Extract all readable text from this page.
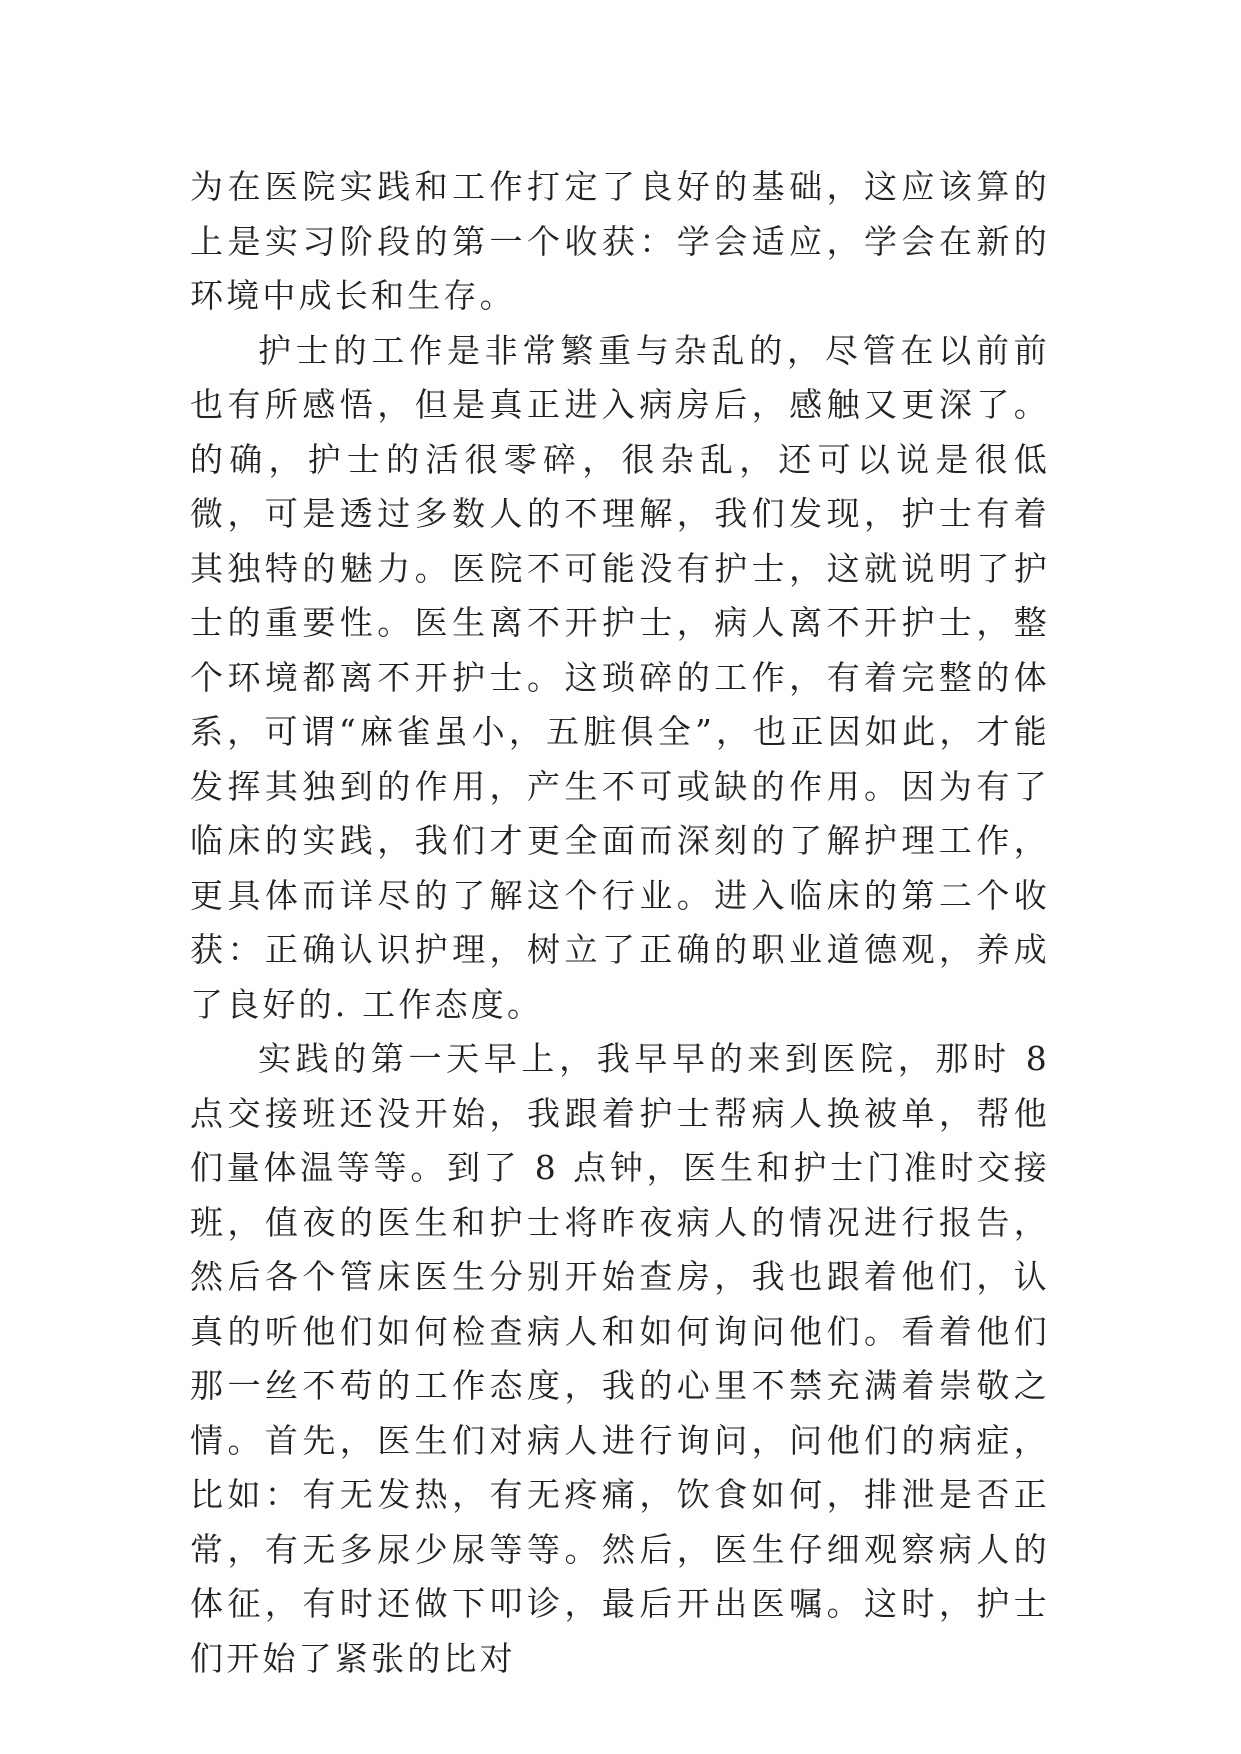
为在医院实践和工作打定了良好的基础，这应该算的上是实习阶段的第一个收获：学会适应，学会在新的环境中成长和生存。

护士的工作是非常繁重与杂乱的，尽管在以前前也有所感悟，但是真正进入病房后，感触又更深了。的确，护士的活很零碎，很杂乱，还可以说是很低微，可是透过多数人的不理解，我们发现，护士有着其独特的魅力。医院不可能没有护士，这就说明了护士的重要性。医生离不开护士，病人离不开护士，整个环境都离不开护士。这琐碎的工作，有着完整的体系，可谓“麻雀虽小，五脏俱全”，也正因如此，才能发挥其独到的作用，产生不可或缺的作用。因为有了临床的实践，我们才更全面而深刻的了解护理工作，更具体而详尽的了解这个行业。进入临床的第二个收获：正确认识护理，树立了正确的职业道德观，养成了良好的. 工作态度。

实践的第一天早上，我早早的来到医院，那时 8 点交接班还没开始，我跟着护士帮病人换被单，帮他们量体温等等。到了 8 点钟，医生和护士门准时交接班，值夜的医生和护士将昨夜病人的情况进行报告，然后各个管床医生分别开始查房，我也跟着他们，认真的听他们如何检查病人和如何询问他们。看着他们那一丝不苟的工作态度，我的心里不禁充满着崇敬之情。首先，医生们对病人进行询问，问他们的病症，比如：有无发热，有无疼痛，饮食如何，排泄是否正常，有无多尿少尿等等。然后，医生仔细观察病人的体征，有时还做下叩诊，最后开出医嘱。这时，护士们开始了紧张的比对
